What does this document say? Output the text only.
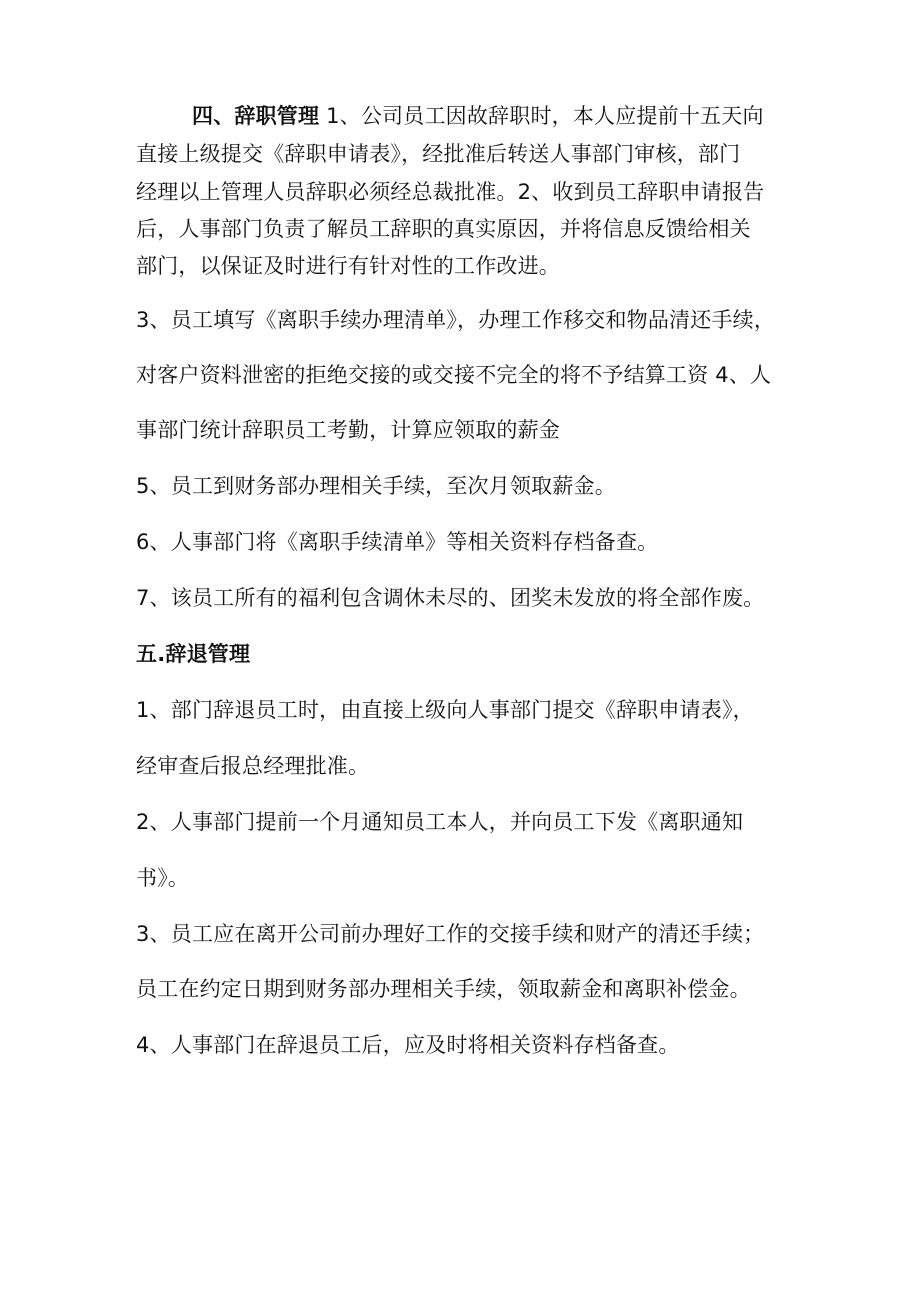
四、辞职管理 1、公司员工因故辞职时，本人应提前十五天向
直接上级提交《辞职申请表》，经批准后转送人事部门审核，部门
经理以上管理人员辞职必须经总裁批准。2、收到员工辞职申请报告
后，人事部门负责了解员工辞职的真实原因，并将信息反馈给相关
部门，以保证及时进行有针对性的工作改进。
3、员工填写《离职手续办理清单》，办理工作移交和物品清还手续，
对客户资料泄密的拒绝交接的或交接不完全的将不予结算工资 4、人
事部门统计辞职员工考勤，计算应领取的薪金
5、员工到财务部办理相关手续，至次月领取薪金。
6、人事部门将《离职手续清单》等相关资料存档备查。
7、该员工所有的福利包含调休未尽的、团奖未发放的将全部作废。
五.辞退管理
1、部门辞退员工时，由直接上级向人事部门提交《辞职申请表》，
经审查后报总经理批准。
2、人事部门提前一个月通知员工本人，并向员工下发《离职通知
书》。
3、员工应在离开公司前办理好工作的交接手续和财产的清还手续；
员工在约定日期到财务部办理相关手续，领取薪金和离职补偿金。
4、人事部门在辞退员工后，应及时将相关资料存档备查。
